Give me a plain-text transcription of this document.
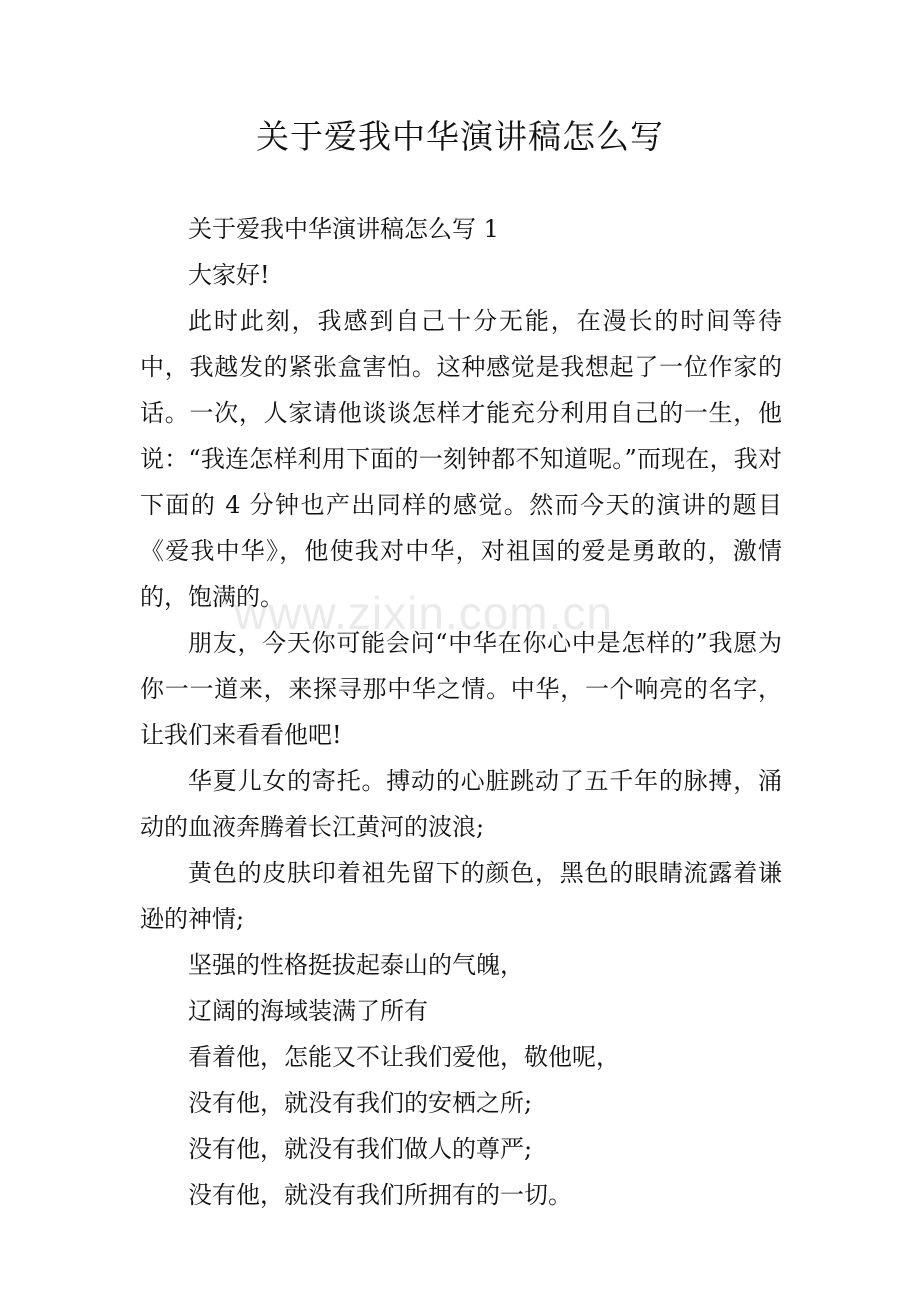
关于爱我中华演讲稿怎么写

关于爱我中华演讲稿怎么写 1

大家好!

此时此刻，我感到自己十分无能，在漫长的时间等待中，我越发的紧张盒害怕。这种感觉是我想起了一位作家的话。一次，人家请他谈谈怎样才能充分利用自己的一生，他说：“我连怎样利用下面的一刻钟都不知道呢。”而现在，我对下面的 4 分钟也产出同样的感觉。然而今天的演讲的题目《爱我中华》，他使我对中华，对祖国的爱是勇敢的，激情的，饱满的。

朋友，今天你可能会问“中华在你心中是怎样的”我愿为你一一道来，来探寻那中华之情。中华，一个响亮的名字，让我们来看看他吧!

华夏儿女的寄托。搏动的心脏跳动了五千年的脉搏，涌动的血液奔腾着长江黄河的波浪;

黄色的皮肤印着祖先留下的颜色，黑色的眼睛流露着谦逊的神情;

坚强的性格挺拔起泰山的气魄，

辽阔的海域装满了所有

看着他，怎能又不让我们爱他，敬他呢，

没有他，就没有我们的安栖之所;

没有他，就没有我们做人的尊严;

没有他，就没有我们所拥有的一切。

www.zixin.com.cn
